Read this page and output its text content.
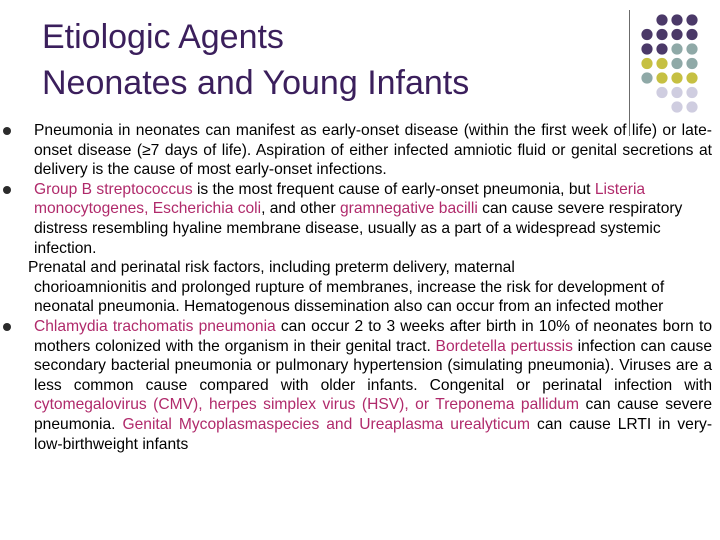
Etiologic Agents
Neonates and Young Infants

Pneumonia in neonates can manifest as early-onset disease (within the first week of life) or late-onset disease (≥7 days of life). Aspiration of either infected amniotic fluid or genital secretions at delivery is the cause of most early-onset infections.

Group B streptococcus is the most frequent cause of early-onset pneumonia, but Listeria monocytogenes, Escherichia coli, and other gramnegative bacilli can cause severe respiratory distress resembling hyaline membrane disease, usually as a part of a widespread systemic infection.

Prenatal and perinatal risk factors, including preterm delivery, maternal
chorioamnionitis and prolonged rupture of membranes, increase the risk for development of neonatal pneumonia. Hematogenous dissemination also can occur from an infected mother

Chlamydia trachomatis pneumonia can occur 2 to 3 weeks after birth in 10% of neonates born to mothers colonized with the organism in their genital tract. Bordetella pertussis infection can cause secondary bacterial pneumonia or pulmonary hypertension (simulating pneumonia). Viruses are a less common cause compared with older infants. Congenital or perinatal infection with cytomegalovirus (CMV), herpes simplex virus (HSV), or Treponema pallidum can cause severe pneumonia. Genital Mycoplasmaspecies and Ureaplasma urealyticum can cause LRTI in very-low-birthweight infants
